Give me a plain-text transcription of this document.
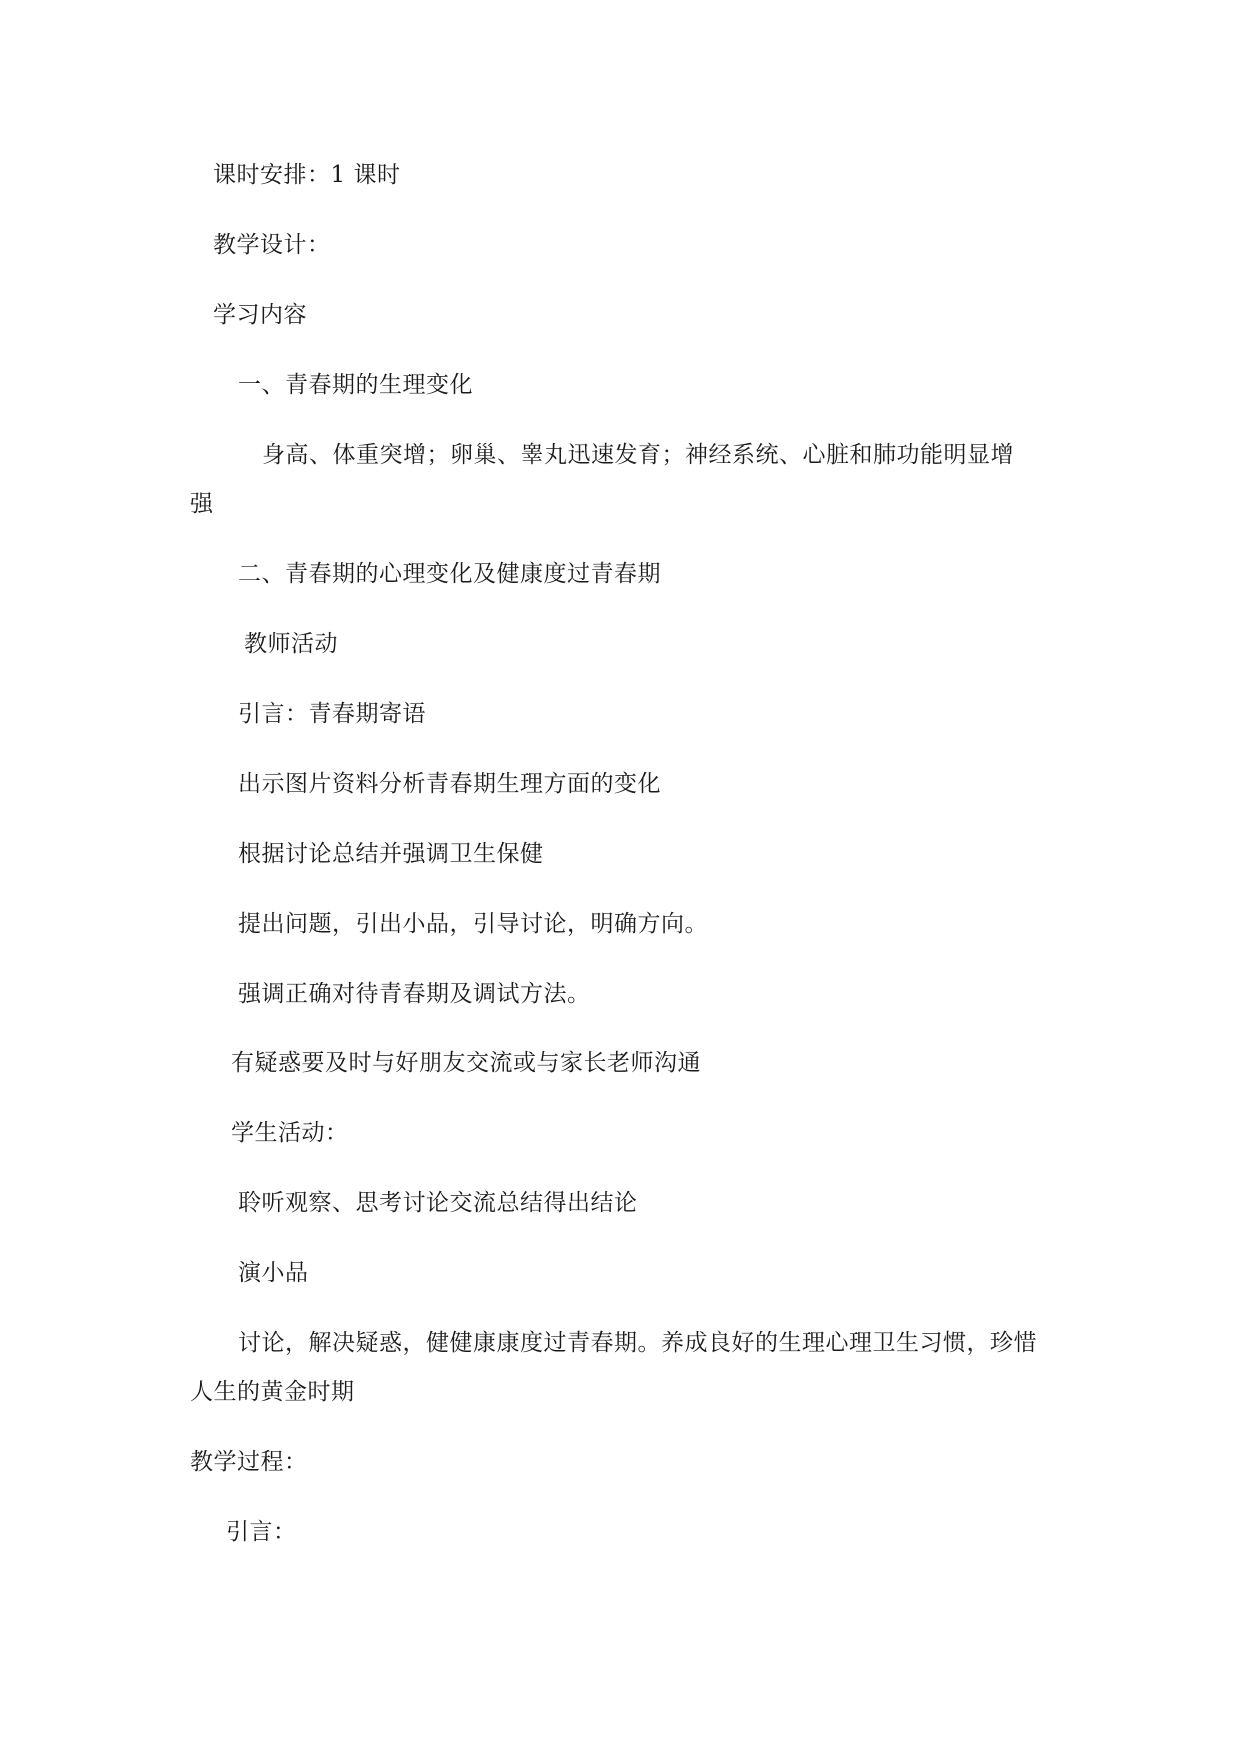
课时安排：1 课时
教学设计：
学习内容
一、青春期的生理变化
身高、体重突增；卵巢、睾丸迅速发育；神经系统、心脏和肺功能明显增
强
二、青春期的心理变化及健康度过青春期
教师活动
引言：青春期寄语
出示图片资料分析青春期生理方面的变化
根据讨论总结并强调卫生保健
提出问题，引出小品，引导讨论，明确方向。
强调正确对待青春期及调试方法。
有疑惑要及时与好朋友交流或与家长老师沟通
学生活动：
聆听观察、思考讨论交流总结得出结论
演小品
讨论，解决疑惑，健健康康度过青春期。养成良好的生理心理卫生习惯，珍惜
人生的黄金时期
教学过程：
引言：
